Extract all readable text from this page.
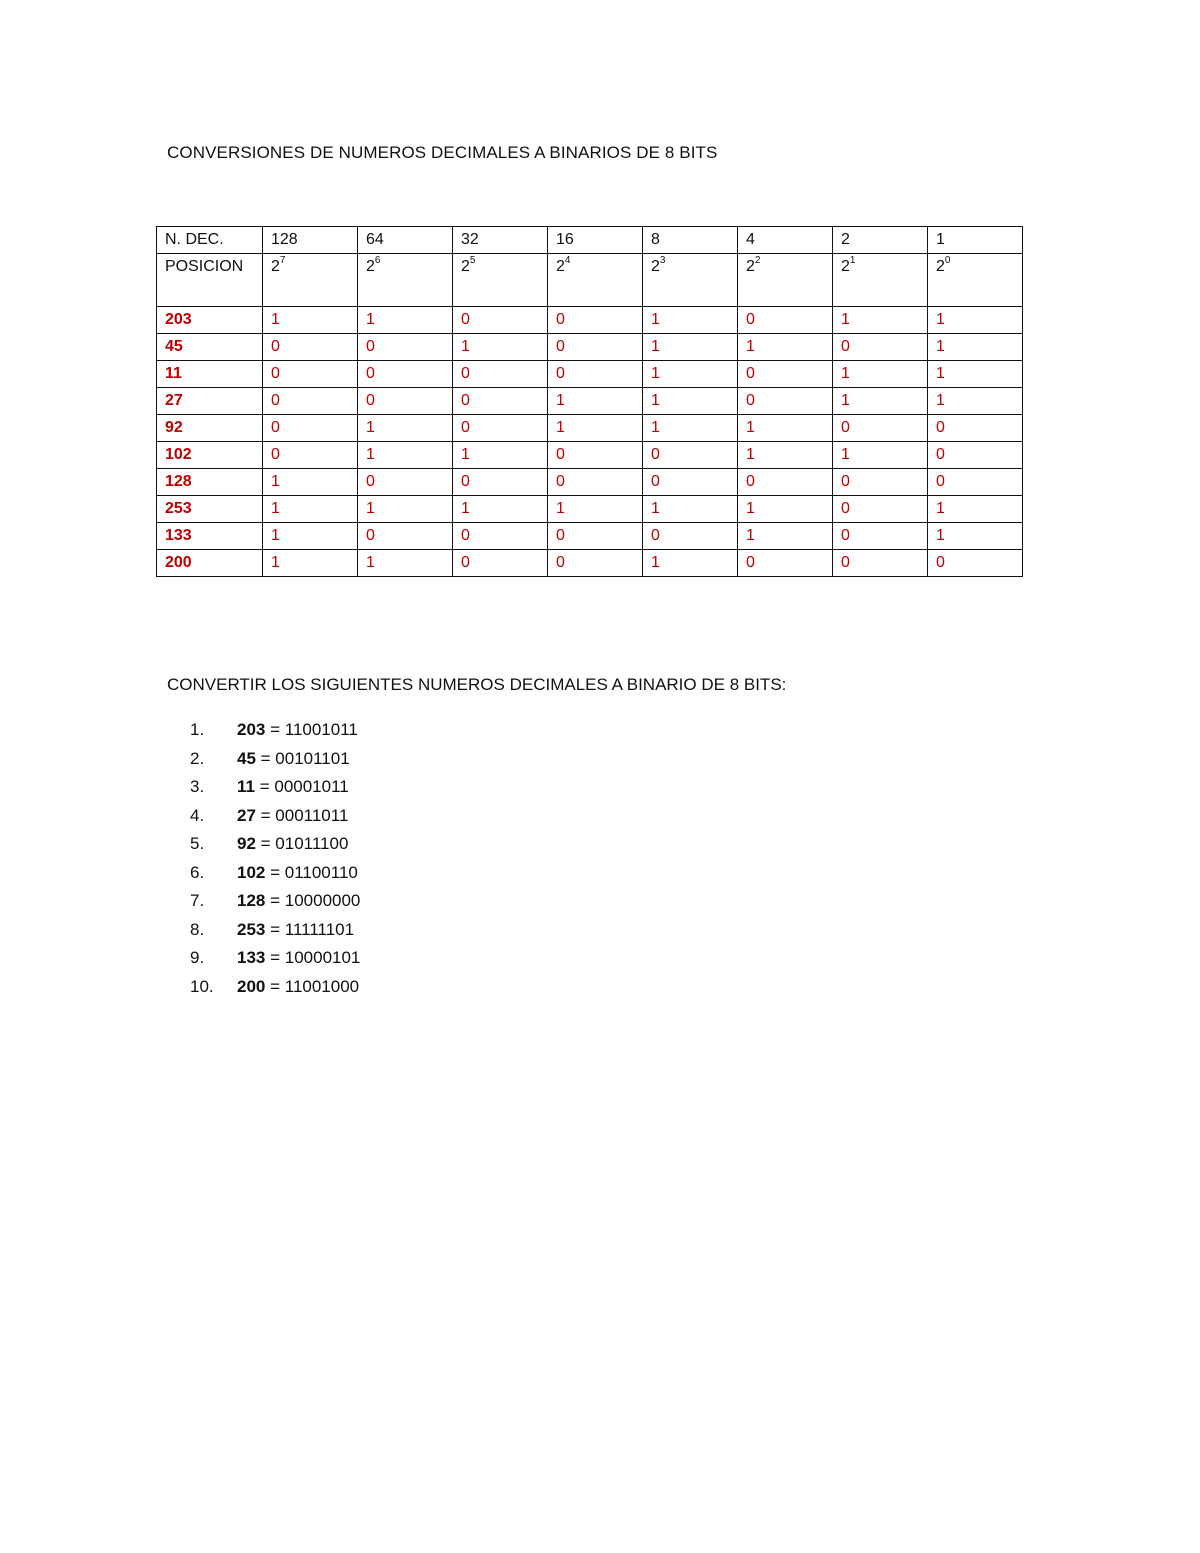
CONVERSIONES DE NUMEROS DECIMALES A BINARIOS DE 8 BITS
N. DEC.	128	64	32	16	8	4	2	1

POSICION	$2^7$	$2^6$	$2^5$	$2^4$	$2^3$	$2^2$	$2^1$	$2^0$
203	1	1	0	0	1	0	1	1
45	0	0	1	0	1	1	0	1
11	0	0	0	0	1	0	1	1
27	0	0	0	1	1	0	1	1
92	0	1	0	1	1	1	0	0
102	0	1	1	0	0	1	1	0
128	1	0	0	0	0	0	0	0
253	1	1	1	1	1	1	0	1
133	1	0	0	0	0	1	0	1
200	1	1	0	0	1	0	0	0
CONVERTIR LOS SIGUIENTES NUMEROS DECIMALES A BINARIO DE 8 BITS:
1. 203 = 11001011
2. 45 = 00101101
3. 11 = 00001011
4. 27 = 00011011
5. 92 = 01011100
6. 102 = 01100110
7. 128 = 10000000
8. 253 = 11111101
9. 133 = 10000101
10. 200 = 11001000
